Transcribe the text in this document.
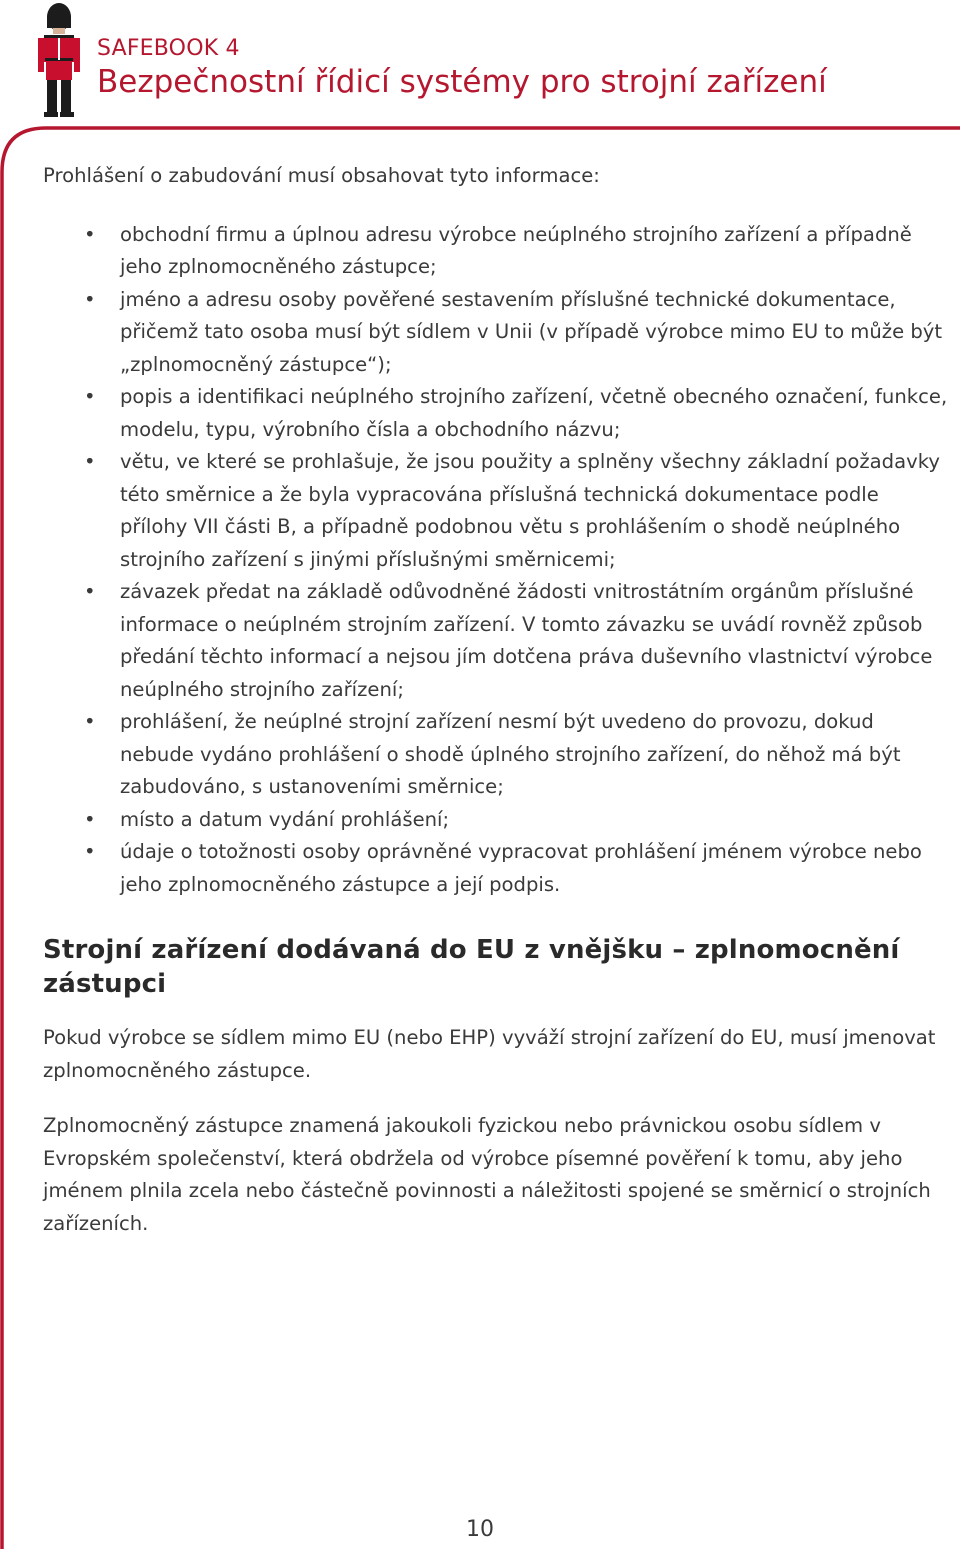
SAFEBOOK 4
Bezpečnostní řídicí systémy pro strojní zařízení

Prohlášení o zabudování musí obsahovat tyto informace:

• obchodní firmu a úplnou adresu výrobce neúplného strojního zařízení a případně jeho zplnomocněného zástupce;
• jméno a adresu osoby pověřené sestavením příslušné technické dokumentace, přičemž tato osoba musí být sídlem v Unii (v případě výrobce mimo EU to může být „zplnomocněný zástupce“);
• popis a identifikaci neúplného strojního zařízení, včetně obecného označení, funkce, modelu, typu, výrobního čísla a obchodního názvu;
• větu, ve které se prohlašuje, že jsou použity a splněny všechny základní požadavky této směrnice a že byla vypracována příslušná technická dokumentace podle přílohy VII části B, a případně podobnou větu s prohlášením o shodě neúplného strojního zařízení s jinými příslušnými směrnicemi;
• závazek předat na základě odůvodněné žádosti vnitrostátním orgánům příslušné informace o neúplném strojním zařízení. V tomto závazku se uvádí rovněž způsob předání těchto informací a nejsou jím dotčena práva duševního vlastnictví výrobce neúplného strojního zařízení;
• prohlášení, že neúplné strojní zařízení nesmí být uvedeno do provozu, dokud nebude vydáno prohlášení o shodě úplného strojního zařízení, do něhož má být zabudováno, s ustanoveními směrnice;
• místo a datum vydání prohlášení;
• údaje o totožnosti osoby oprávněné vypracovat prohlášení jménem výrobce nebo jeho zplnomocněného zástupce a její podpis.
Strojní zařízení dodávaná do EU z vnějšku – zplnomocnění zástupci

Pokud výrobce se sídlem mimo EU (nebo EHP) vyváží strojní zařízení do EU, musí jmenovat zplnomocněného zástupce.

Zplnomocněný zástupce znamená jakoukoli fyzickou nebo právnickou osobu sídlem v Evropském společenství, která obdržela od výrobce písemné pověření k tomu, aby jeho jménem plnila zcela nebo částečně povinnosti a náležitosti spojené se směrnicí o strojních zařízeních.

10
